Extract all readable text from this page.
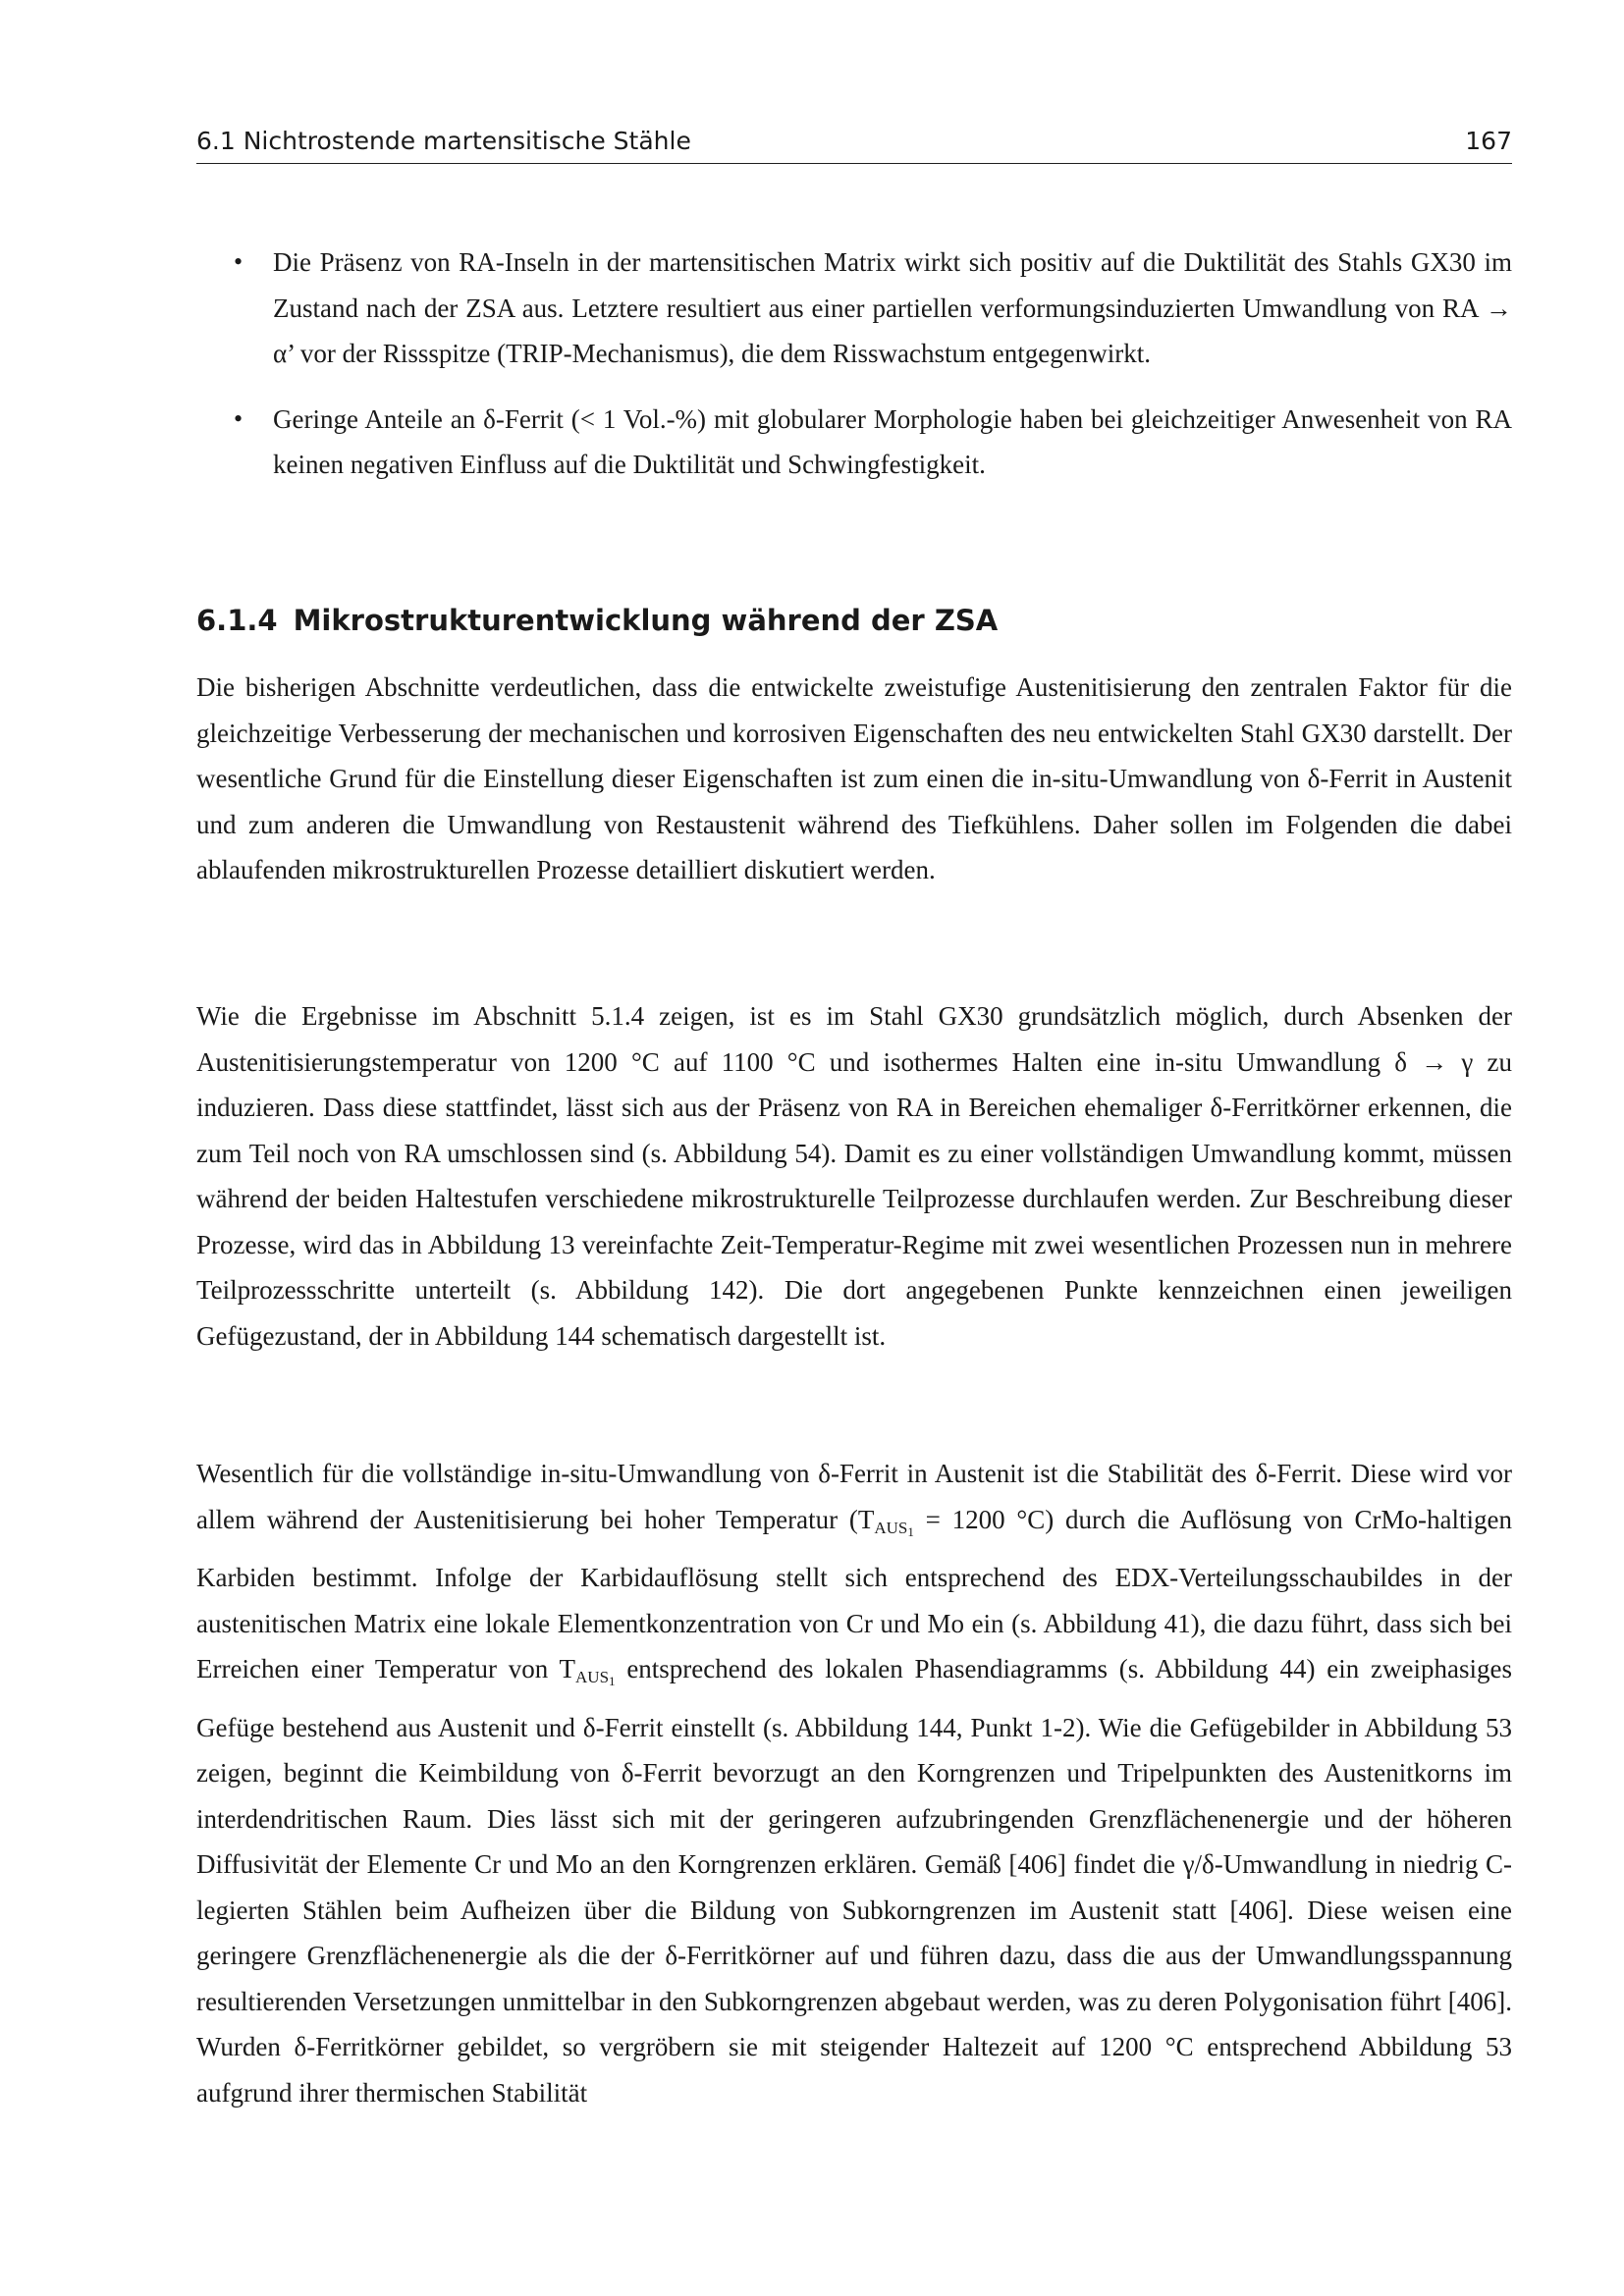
6.1 Nichtrostende martensitische Stähle	167
• Die Präsenz von RA-Inseln in der martensitischen Matrix wirkt sich positiv auf die Duktilität des Stahls GX30 im Zustand nach der ZSA aus. Letztere resultiert aus einer partiellen verformungsinduzierten Umwandlung von RA → α’ vor der Rissspitze (TRIP-Mechanismus), die dem Risswachstum entgegenwirkt.
• Geringe Anteile an δ-Ferrit (< 1 Vol.-%) mit globularer Morphologie haben bei gleichzeitiger Anwesenheit von RA keinen negativen Einfluss auf die Duktilität und Schwingfestigkeit.
6.1.4 Mikrostrukturentwicklung während der ZSA

Die bisherigen Abschnitte verdeutlichen, dass die entwickelte zweistufige Austenitisierung den zentralen Faktor für die gleichzeitige Verbesserung der mechanischen und korrosiven Eigenschaften des neu entwickelten Stahl GX30 darstellt. Der wesentliche Grund für die Einstellung dieser Eigenschaften ist zum einen die in-situ-Umwandlung von δ-Ferrit in Austenit und zum anderen die Umwandlung von Restaustenit während des Tiefkühlens. Daher sollen im Folgenden die dabei ablaufenden mikrostrukturellen Prozesse detailliert diskutiert werden.

Wie die Ergebnisse im Abschnitt 5.1.4 zeigen, ist es im Stahl GX30 grundsätzlich möglich, durch Absenken der Austenitisierungstemperatur von 1200 °C auf 1100 °C und isothermes Halten eine in-situ Umwandlung δ → γ zu induzieren. Dass diese stattfindet, lässt sich aus der Präsenz von RA in Bereichen ehemaliger δ-Ferritkörner erkennen, die zum Teil noch von RA umschlossen sind (s. Abbildung 54). Damit es zu einer vollständigen Umwandlung kommt, müssen während der beiden Haltestufen verschiedene mikrostrukturelle Teilprozesse durchlaufen werden. Zur Beschreibung dieser Prozesse, wird das in Abbildung 13 vereinfachte Zeit-Temperatur-Regime mit zwei wesentlichen Prozessen nun in mehrere Teilprozessschritte unterteilt (s. Abbildung 142). Die dort angegebenen Punkte kennzeichnen einen jeweiligen Gefügezustand, der in Abbildung 144 schematisch dargestellt ist.

Wesentlich für die vollständige in-situ-Umwandlung von δ-Ferrit in Austenit ist die Stabilität des δ-Ferrit. Diese wird vor allem während der Austenitisierung bei hoher Temperatur ($T_{AUS1} = 1200$ °C) durch die Auflösung von CrMo-haltigen Karbiden bestimmt. Infolge der Karbidauflösung stellt sich entsprechend des EDX-Verteilungsschaubildes in der austenitischen Matrix eine lokale Elementkonzentration von Cr und Mo ein (s. Abbildung 41), die dazu führt, dass sich bei Erreichen einer Temperatur von $T_{AUS1}$ entsprechend des lokalen Phasendiagramms (s. Abbildung 44) ein zweiphasiges Gefüge bestehend aus Austenit und δ-Ferrit einstellt (s. Abbildung 144, Punkt 1-2). Wie die Gefügebilder in Abbildung 53 zeigen, beginnt die Keimbildung von δ-Ferrit bevorzugt an den Korngrenzen und Tripelpunkten des Austenitkorns im interdendritischen Raum. Dies lässt sich mit der geringeren aufzubringenden Grenzflächenenergie und der höheren Diffusivität der Elemente Cr und Mo an den Korngrenzen erklären. Gemäß [406] findet die γ/δ-Umwandlung in niedrig C-legierten Stählen beim Aufheizen über die Bildung von Subkorngrenzen im Austenit statt [406]. Diese weisen eine geringere Grenzflächenenergie als die der δ-Ferritkörner auf und führen dazu, dass die aus der Umwandlungsspannung resultierenden Versetzungen unmittelbar in den Subkorngrenzen abgebaut werden, was zu deren Polygonisation führt [406]. Wurden δ-Ferritkörner gebildet, so vergröbern sie mit steigender Haltezeit auf 1200 °C entsprechend Abbildung 53 aufgrund ihrer thermischen Stabilität
